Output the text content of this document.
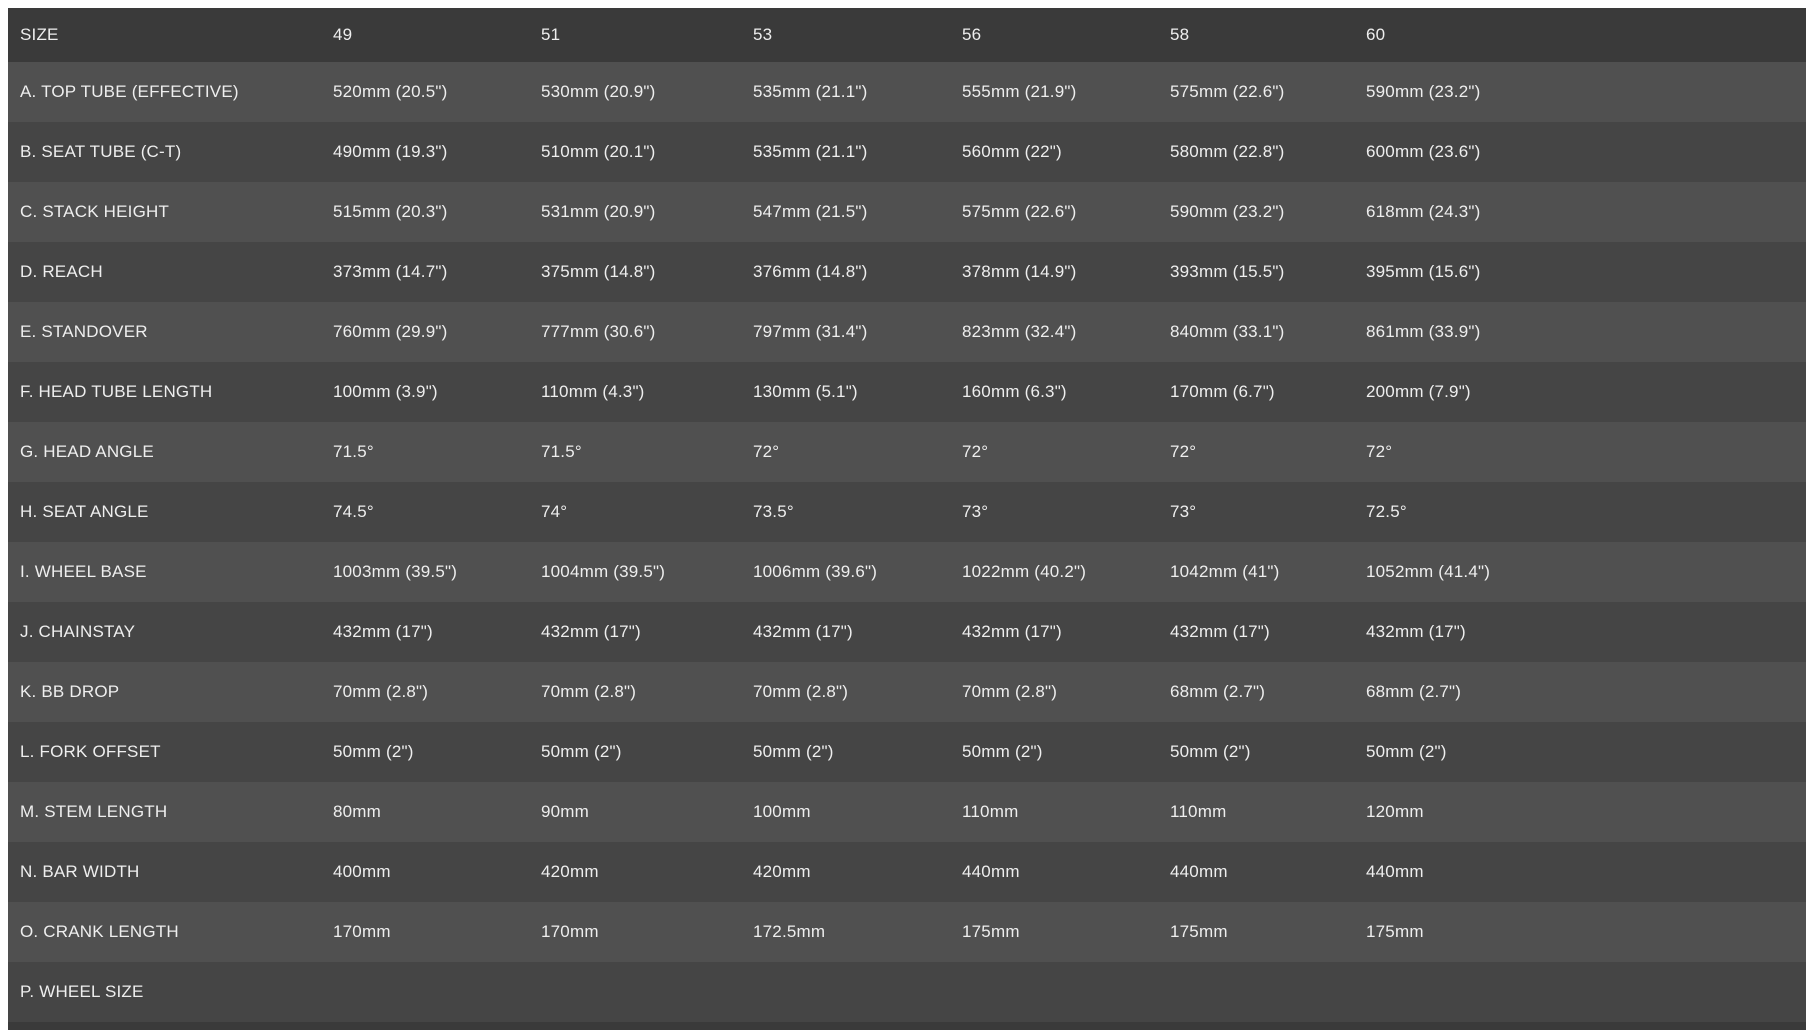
SIZE	49	51	53	56	58	60
A. TOP TUBE (EFFECTIVE)	520mm (20.5")	530mm (20.9")	535mm (21.1")	555mm (21.9")	575mm (22.6")	590mm (23.2")
B. SEAT TUBE (C-T)	490mm (19.3")	510mm (20.1")	535mm (21.1")	560mm (22")	580mm (22.8")	600mm (23.6")
C. STACK HEIGHT	515mm (20.3")	531mm (20.9")	547mm (21.5")	575mm (22.6")	590mm (23.2")	618mm (24.3")
D. REACH	373mm (14.7")	375mm (14.8")	376mm (14.8")	378mm (14.9")	393mm (15.5")	395mm (15.6")
E. STANDOVER	760mm (29.9")	777mm (30.6")	797mm (31.4")	823mm (32.4")	840mm (33.1")	861mm (33.9")
F. HEAD TUBE LENGTH	100mm (3.9")	110mm (4.3")	130mm (5.1")	160mm (6.3")	170mm (6.7")	200mm (7.9")
G. HEAD ANGLE	71.5°	71.5°	72°	72°	72°	72°
H. SEAT ANGLE	74.5°	74°	73.5°	73°	73°	72.5°
I. WHEEL BASE	1003mm (39.5")	1004mm (39.5")	1006mm (39.6")	1022mm (40.2")	1042mm (41")	1052mm (41.4")
J. CHAINSTAY	432mm (17")	432mm (17")	432mm (17")	432mm (17")	432mm (17")	432mm (17")
K. BB DROP	70mm (2.8")	70mm (2.8")	70mm (2.8")	70mm (2.8")	68mm (2.7")	68mm (2.7")
L. FORK OFFSET	50mm (2")	50mm (2")	50mm (2")	50mm (2")	50mm (2")	50mm (2")
M. STEM LENGTH	80mm	90mm	100mm	110mm	110mm	120mm
N. BAR WIDTH	400mm	420mm	420mm	440mm	440mm	440mm
O. CRANK LENGTH	170mm	170mm	172.5mm	175mm	175mm	175mm
P. WHEEL SIZE						
